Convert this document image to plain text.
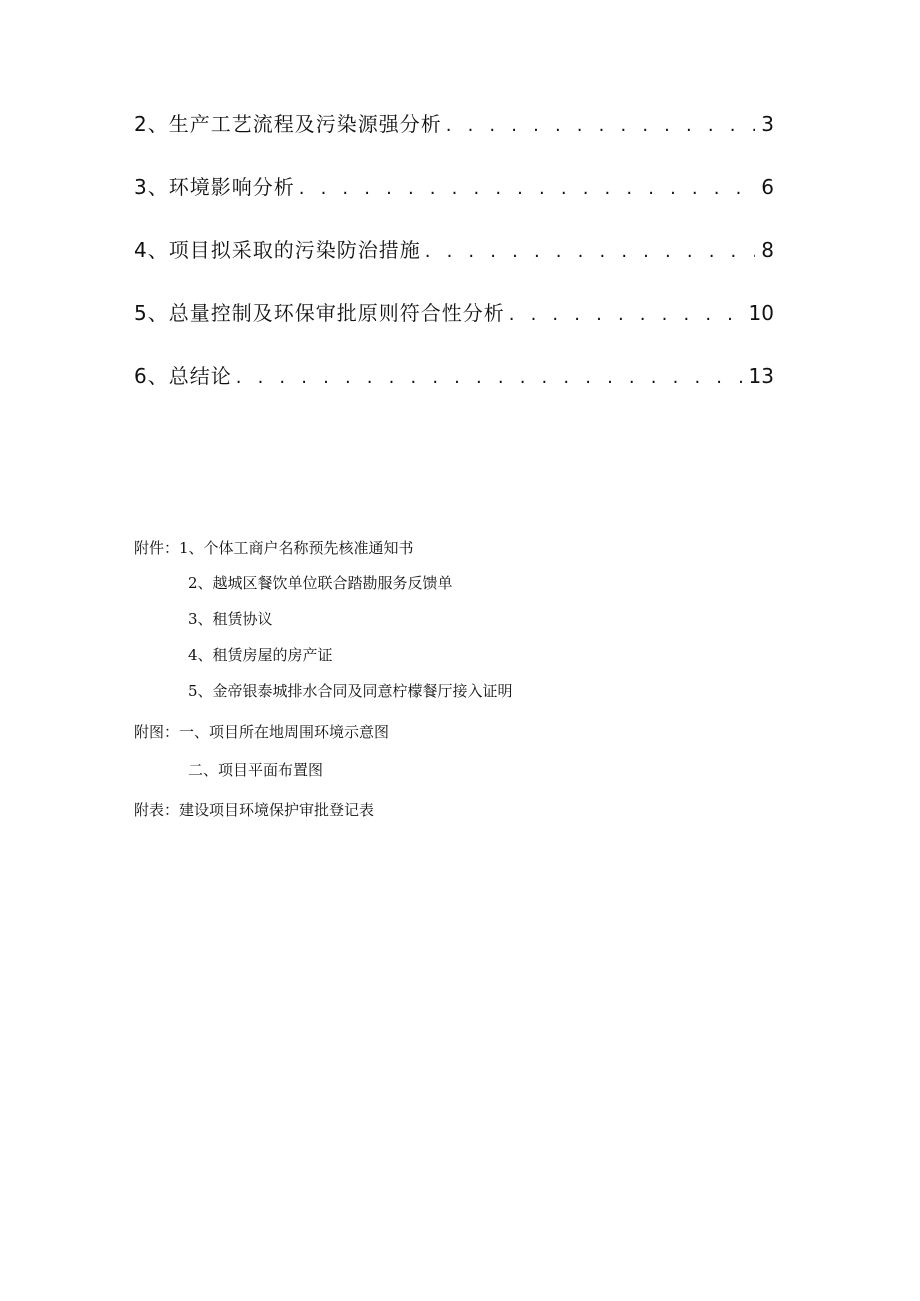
2、生产工艺流程及污染源强分析 . . .	3
3、环境影响分析 . . .	6
4、项目拟采取的污染防治措施 . . .	8
5、总量控制及环保审批原则符合性分析 . . .	10
6、总结论 . . .	13
附件：1、个体工商户名称预先核准通知书
2、越城区餐饮单位联合踏勘服务反馈单
3、租赁协议
4、租赁房屋的房产证
5、金帝银泰城排水合同及同意柠檬餐厅接入证明
附图：一、项目所在地周围环境示意图
二、项目平面布置图
附表：建设项目环境保护审批登记表
